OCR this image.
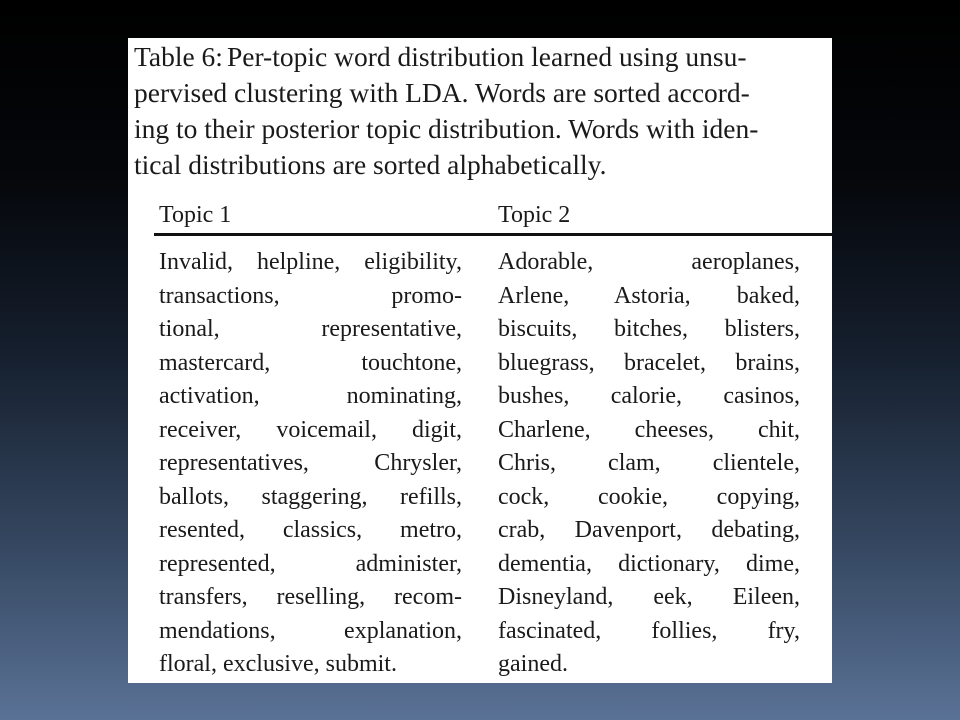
Table 6: Per-topic word distribution learned using unsu-
pervised clustering with LDA. Words are sorted accord-
ing to their posterior topic distribution. Words with iden-
tical distributions are sorted alphabetically.
Topic 1	Topic 2
Invalid, helpline, eligibility,
transactions, promo-
tional, representative,
mastercard, touchtone,
activation, nominating,
receiver, voicemail, digit,
representatives, Chrysler,
ballots, staggering, refills,
resented, classics, metro,
represented, administer,
transfers, reselling, recom-
mendations, explanation,
floral, exclusive, submit.
Adorable, aeroplanes,
Arlene, Astoria, baked,
biscuits, bitches, blisters,
bluegrass, bracelet, brains,
bushes, calorie, casinos,
Charlene, cheeses, chit,
Chris, clam, clientele,
cock, cookie, copying,
crab, Davenport, debating,
dementia, dictionary, dime,
Disneyland, eek, Eileen,
fascinated, follies, fry,
gained.
